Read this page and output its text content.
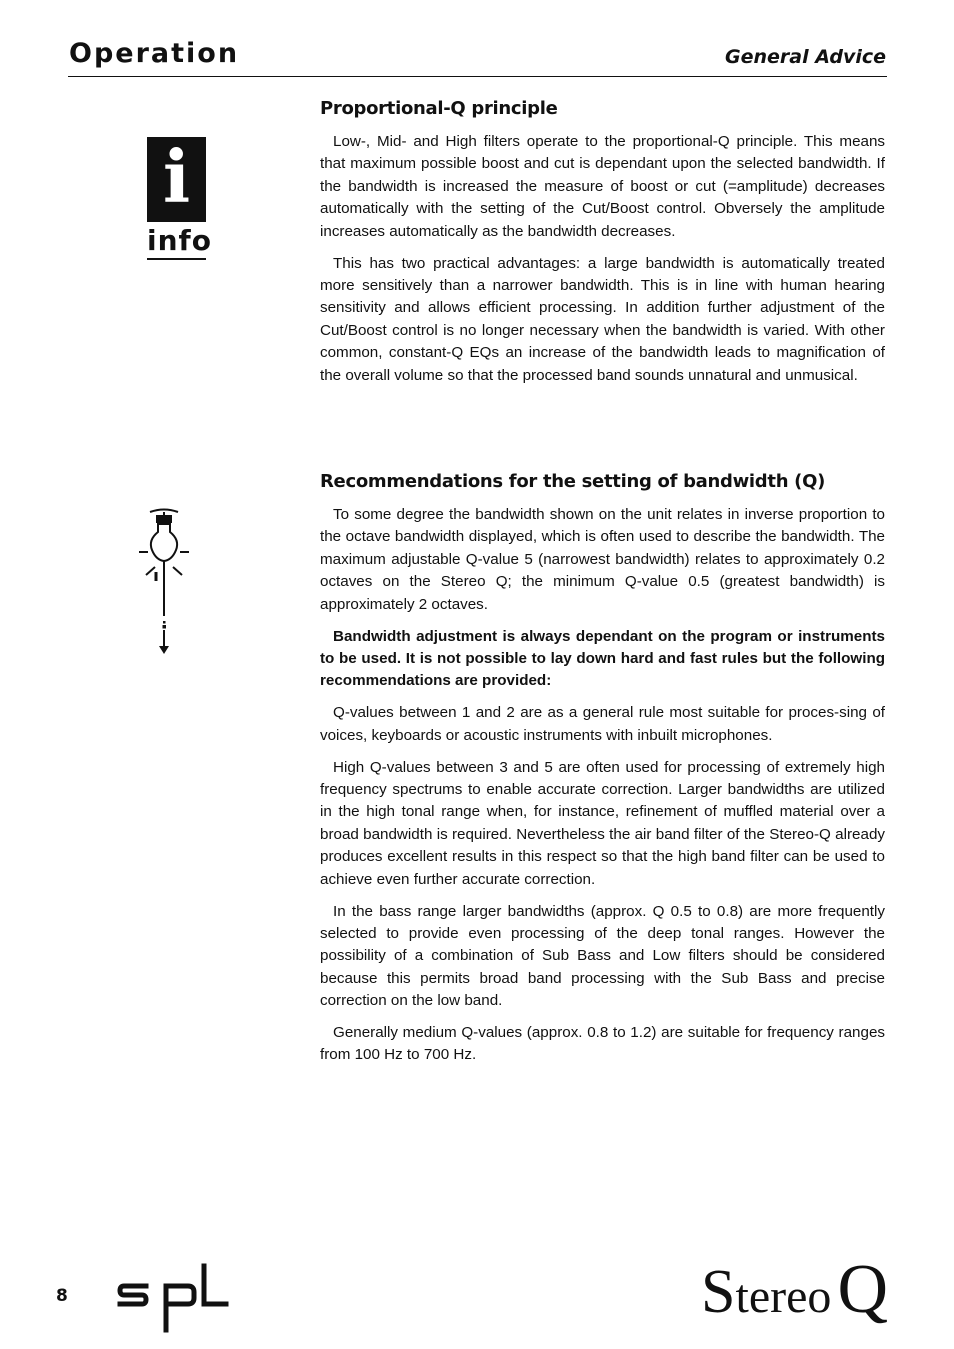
Operation	General Advice
i
info
Proportional-Q principle

Low-, Mid- and High filters operate to the proportional-Q principle. This means that maximum possible boost and cut is dependant upon the selected bandwidth. If the bandwidth is increased the measure of boost or cut (=amplitude) decreases automatically with the setting of the Cut/Boost control. Obversely the amplitude increases automatically as the bandwidth decreases.

This has two practical advantages: a large bandwidth is automatically treated more sensitively than a narrower bandwidth. This is in line with human hearing sensitivity and allows efficient processing. In addition further adjustment of the Cut/Boost control is no longer necessary when the bandwidth is varied. With other common, constant-Q EQs an increase of the bandwidth leads to magnification of the overall volume so that the processed band sounds unnatural and unmusical.

Recommendations for the setting of bandwidth (Q)

To some degree the bandwidth shown on the unit relates in inverse proportion to the octave bandwidth displayed, which is often used to describe the bandwidth. The maximum adjustable Q-value 5 (narrowest bandwidth) relates to approximately 0.2 octaves on the Stereo Q; the minimum Q-value 0.5 (greatest bandwidth) is approximately 2 octaves.

Bandwidth adjustment is always dependant on the program or instruments to be used. It is not possible to lay down hard and fast rules but the following recommendations are provided:

Q-values between 1 and 2 are as a general rule most suitable for proces-sing of voices, keyboards or acoustic instruments with inbuilt microphones.

High Q-values between 3 and 5 are often used for processing of extremely high frequency spectrums to enable accurate correction. Larger bandwidths are utilized in the high tonal range when, for instance, refinement of muffled material over a broad bandwidth is required. Nevertheless the air band filter of the Stereo-Q already produces excellent results in this respect so that the high band filter can be used to achieve even further accurate correction.

In the bass range larger bandwidths (approx. Q 0.5 to 0.8) are more frequently selected to provide even processing of the deep tonal ranges. However the possibility of a combination of Sub Bass and Low filters should be considered because this permits broad band processing with the Sub Bass and precise correction on the low band.

Generally medium Q-values (approx. 0.8 to 1.2) are suitable for frequency ranges from 100 Hz to 700 Hz.

8	StereoQ
